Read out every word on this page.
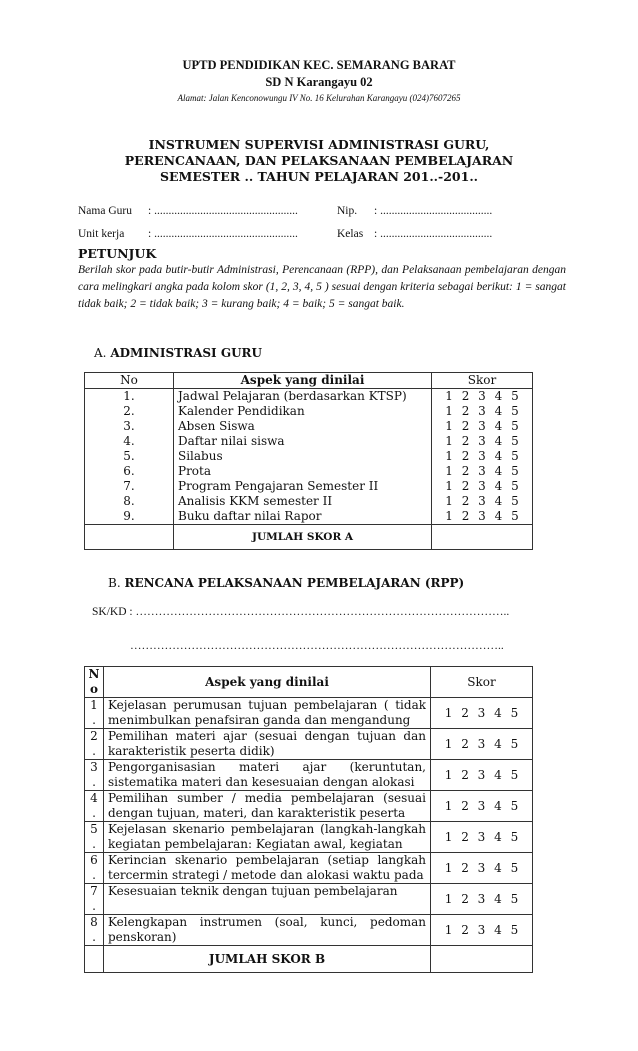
UPTD PENDIDIKAN KEC. SEMARANG BARAT
SD N Karangayu 02
Alamat: Jalan Kenconowungu IV No. 16 Kelurahan Karangayu (024)7607265
INSTRUMEN SUPERVISI ADMINISTRASI GURU,
PERENCANAAN, DAN PELAKSANAAN PEMBELAJARAN
SEMESTER .. TAHUN PELAJARAN 201..-201..
Nama Guru : ..................................................	Nip. : .......................................
Unit kerja : ..................................................	Kelas : .......................................
PETUNJUK
Berilah skor pada butir-butir Administrasi, Perencanaan (RPP), dan Pelaksanaan pembelajaran dengan cara melingkari angka pada kolom skor (1, 2, 3, 4, 5 ) sesuai dengan kriteria sebagai berikut: 1 = sangat tidak baik; 2 = tidak baik; 3 = kurang baik; 4 = baik; 5 = sangat baik.
A. ADMINISTRASI GURU
No	Aspek yang dinilai	Skor
1.	Jadwal Pelajaran (berdasarkan KTSP)	1 2 3 4 5
2.	Kalender Pendidikan	1 2 3 4 5
3.	Absen Siswa	1 2 3 4 5
4.	Daftar nilai siswa	1 2 3 4 5
5.	Silabus	1 2 3 4 5
6.	Prota	1 2 3 4 5
7.	Program Pengajaran Semester II	1 2 3 4 5
8.	Analisis KKM semester II	1 2 3 4 5
9.	Buku daftar nilai Rapor	1 2 3 4 5
	JUMLAH SKOR A	
B. RENCANA PELAKSANAAN PEMBELAJARAN (RPP)
SK/KD : ……………………………………………………………………………………..
……………………………………………………………………………………..
N
o	Aspek yang dinilai	Skor

1
.	Kejelasan perumusan tujuan pembelajaran ( tidak menimbulkan penafsiran ganda dan mengandung	1 2 3 4 5

2
.	Pemilihan materi ajar (sesuai dengan tujuan dan karakteristik peserta didik)	1 2 3 4 5

3
.	Pengorganisasian materi ajar (keruntutan, sistematika materi dan kesesuaian dengan alokasi	1 2 3 4 5

4
.	Pemilihan sumber / media pembelajaran (sesuai dengan tujuan, materi, dan karakteristik peserta	1 2 3 4 5

5
.	Kejelasan skenario pembelajaran (langkah-langkah kegiatan pembelajaran: Kegiatan awal, kegiatan	1 2 3 4 5

6
.	Kerincian skenario pembelajaran (setiap langkah tercermin strategi / metode dan alokasi waktu pada	1 2 3 4 5

7
.	Kesesuaian teknik dengan tujuan pembelajaran	1 2 3 4 5

8
.	Kelengkapan instrumen (soal, kunci, pedoman penskoran)	1 2 3 4 5
	JUMLAH SKOR B	
